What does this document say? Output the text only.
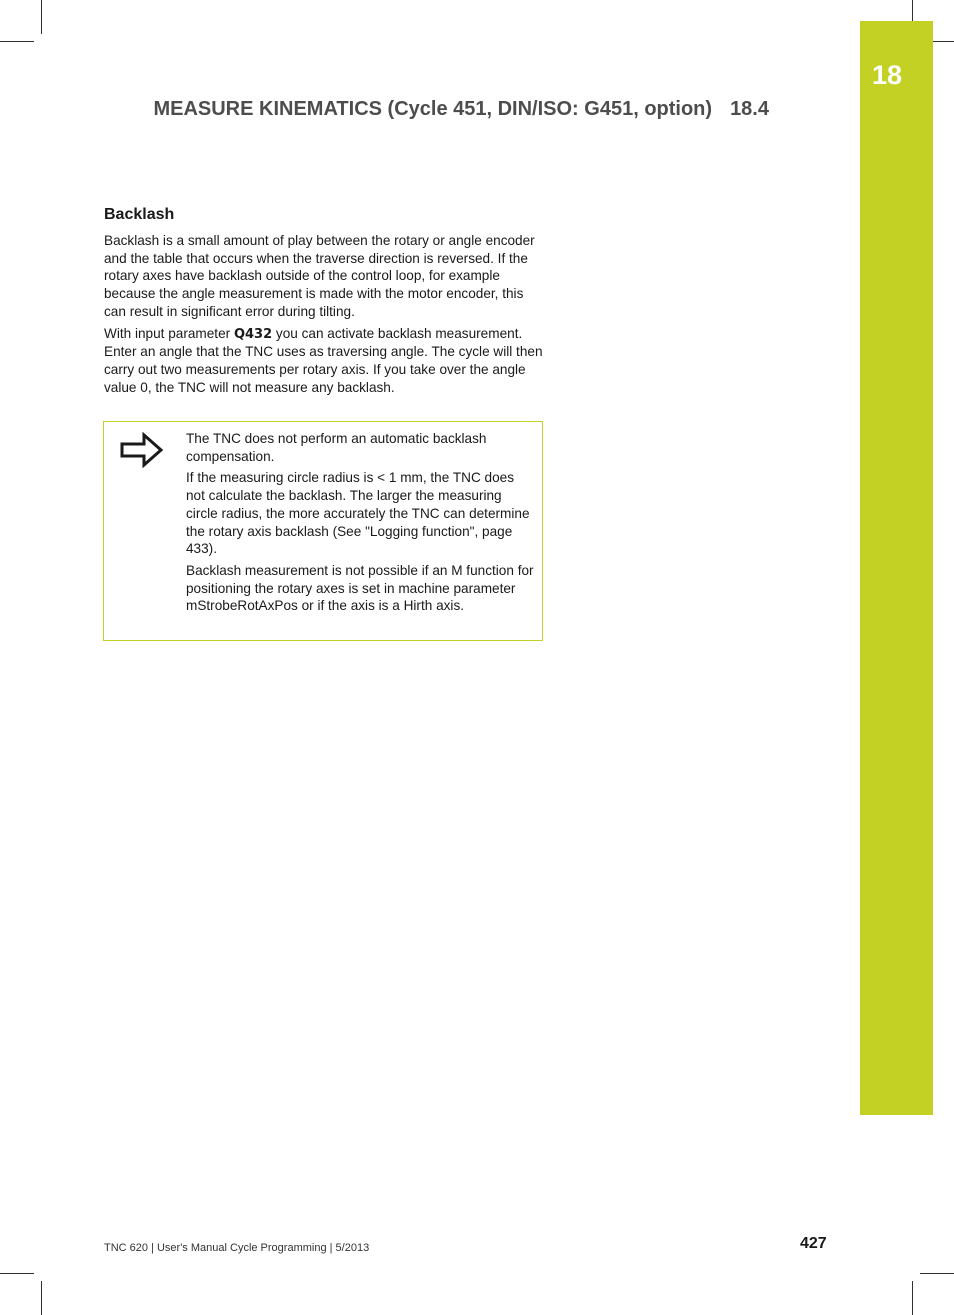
18
MEASURE KINEMATICS (Cycle 451, DIN/ISO: G451, option) 18.4
Backlash

Backlash is a small amount of play between the rotary or angle encoder and the table that occurs when the traverse direction is reversed. If the rotary axes have backlash outside of the control loop, for example because the angle measurement is made with the motor encoder, this can result in significant error during tilting.

With input parameter Q432 you can activate backlash measurement. Enter an angle that the TNC uses as traversing angle. The cycle will then carry out two measurements per rotary axis. If you take over the angle value 0, the TNC will not measure any backlash.

The TNC does not perform an automatic backlash compensation.

If the measuring circle radius is < 1 mm, the TNC does not calculate the backlash. The larger the measuring circle radius, the more accurately the TNC can determine the rotary axis backlash (See "Logging function", page 433).

Backlash measurement is not possible if an M function for positioning the rotary axes is set in machine parameter mStrobeRotAxPos or if the axis is a Hirth axis.

TNC 620 | User's Manual Cycle Programming | 5/2013	427
